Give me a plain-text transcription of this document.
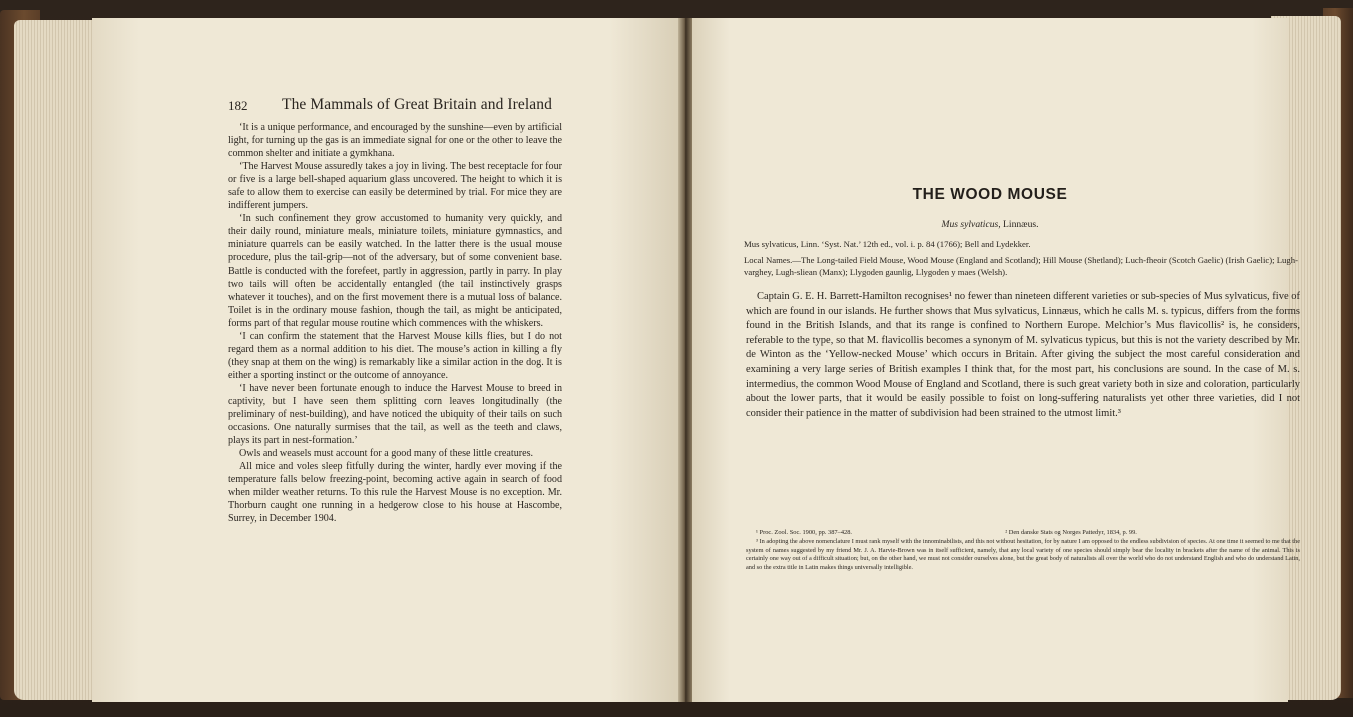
182 The Mammals of Great Britain and Ireland

‘It is a unique performance, and encouraged by the sunshine—even by artificial light, for turning up the gas is an immediate signal for one or the other to leave the common shelter and initiate a gymkhana.

‘The Harvest Mouse assuredly takes a joy in living. The best receptacle for four or five is a large bell-shaped aquarium glass uncovered. The height to which it is safe to allow them to exercise can easily be determined by trial. For mice they are indifferent jumpers.

‘In such confinement they grow accustomed to humanity very quickly, and their daily round, miniature meals, miniature toilets, miniature gymnastics, and miniature quarrels can be easily watched. In the latter there is the usual mouse procedure, plus the tail-grip—not of the adversary, but of some convenient base. Battle is conducted with the forefeet, partly in aggression, partly in parry. In play two tails will often be accidentally entangled (the tail instinctively grasps whatever it touches), and on the first movement there is a mutual loss of balance. Toilet is in the ordinary mouse fashion, though the tail, as might be anticipated, forms part of that regular mouse routine which commences with the whiskers.

‘I can confirm the statement that the Harvest Mouse kills flies, but I do not regard them as a normal addition to his diet. The mouse’s action in killing a fly (they snap at them on the wing) is remarkably like a similar action in the dog. It is either a sporting instinct or the outcome of annoyance.

‘I have never been fortunate enough to induce the Harvest Mouse to breed in captivity, but I have seen them splitting corn leaves longitudinally (the preliminary of nest-building), and have noticed the ubiquity of their tails on such occasions. One naturally surmises that the tail, as well as the teeth and claws, plays its part in nest-formation.’

Owls and weasels must account for a good many of these little creatures.

All mice and voles sleep fitfully during the winter, hardly ever moving if the temperature falls below freezing-point, becoming active again in search of food when milder weather returns. To this rule the Harvest Mouse is no exception. Mr. Thorburn caught one running in a hedgerow close to his house at Hascombe, Surrey, in December 1904.

THE WOOD MOUSE
Mus sylvaticus, Linnæus.
Mus sylvaticus, Linn. ‘Syst. Nat.’ 12th ed., vol. i. p. 84 (1766); Bell and Lydekker.
Local Names.—The Long-tailed Field Mouse, Wood Mouse (England and Scotland); Hill Mouse (Shetland); Luch-fheoir (Scotch Gaelic) (Irish Gaelic); Lugh-varghey, Lugh-sliean (Manx); Llygoden gaunlig, Llygoden y maes (Welsh).

Captain G. E. H. Barrett-Hamilton recognises¹ no fewer than nineteen different varieties or sub-species of Mus sylvaticus, five of which are found in our islands. He further shows that Mus sylvaticus, Linnæus, which he calls M. s. typicus, differs from the forms found in the British Islands, and that its range is confined to Northern Europe. Melchior’s Mus flavicollis² is, he considers, referable to the type, so that M. flavicollis becomes a synonym of M. sylvaticus typicus, but this is not the variety described by Mr. de Winton as the ‘Yellow-necked Mouse’ which occurs in Britain. After giving the subject the most careful consideration and examining a very large series of British examples I think that, for the most part, his conclusions are sound. In the case of M. s. intermedius, the common Wood Mouse of England and Scotland, there is such great variety both in size and coloration, particularly about the lower parts, that it would be easily possible to foist on long-suffering naturalists yet other three varieties, did I not consider their patience in the matter of subdivision had been strained to the utmost limit.³

¹ Proc. Zool. Soc. 1900, pp. 387–428.	² Den danske Stats og Norges Pattedyr, 1834, p. 99.
³ In adopting the above nomenclature I must rank myself with the innominabilists, and this not without hesitation, for by nature I am opposed to the endless subdivision of species. At one time it seemed to me that the system of names suggested by my friend Mr. J. A. Harvie-Brown was in itself sufficient, namely, that any local variety of one species should simply bear the locality in brackets after the name of the animal. This is certainly one way out of a difficult situation; but, on the other hand, we must not consider ourselves alone, but the great body of naturalists all over the world who do not understand English and who do understand Latin, and so the extra title in Latin makes things universally intelligible.
